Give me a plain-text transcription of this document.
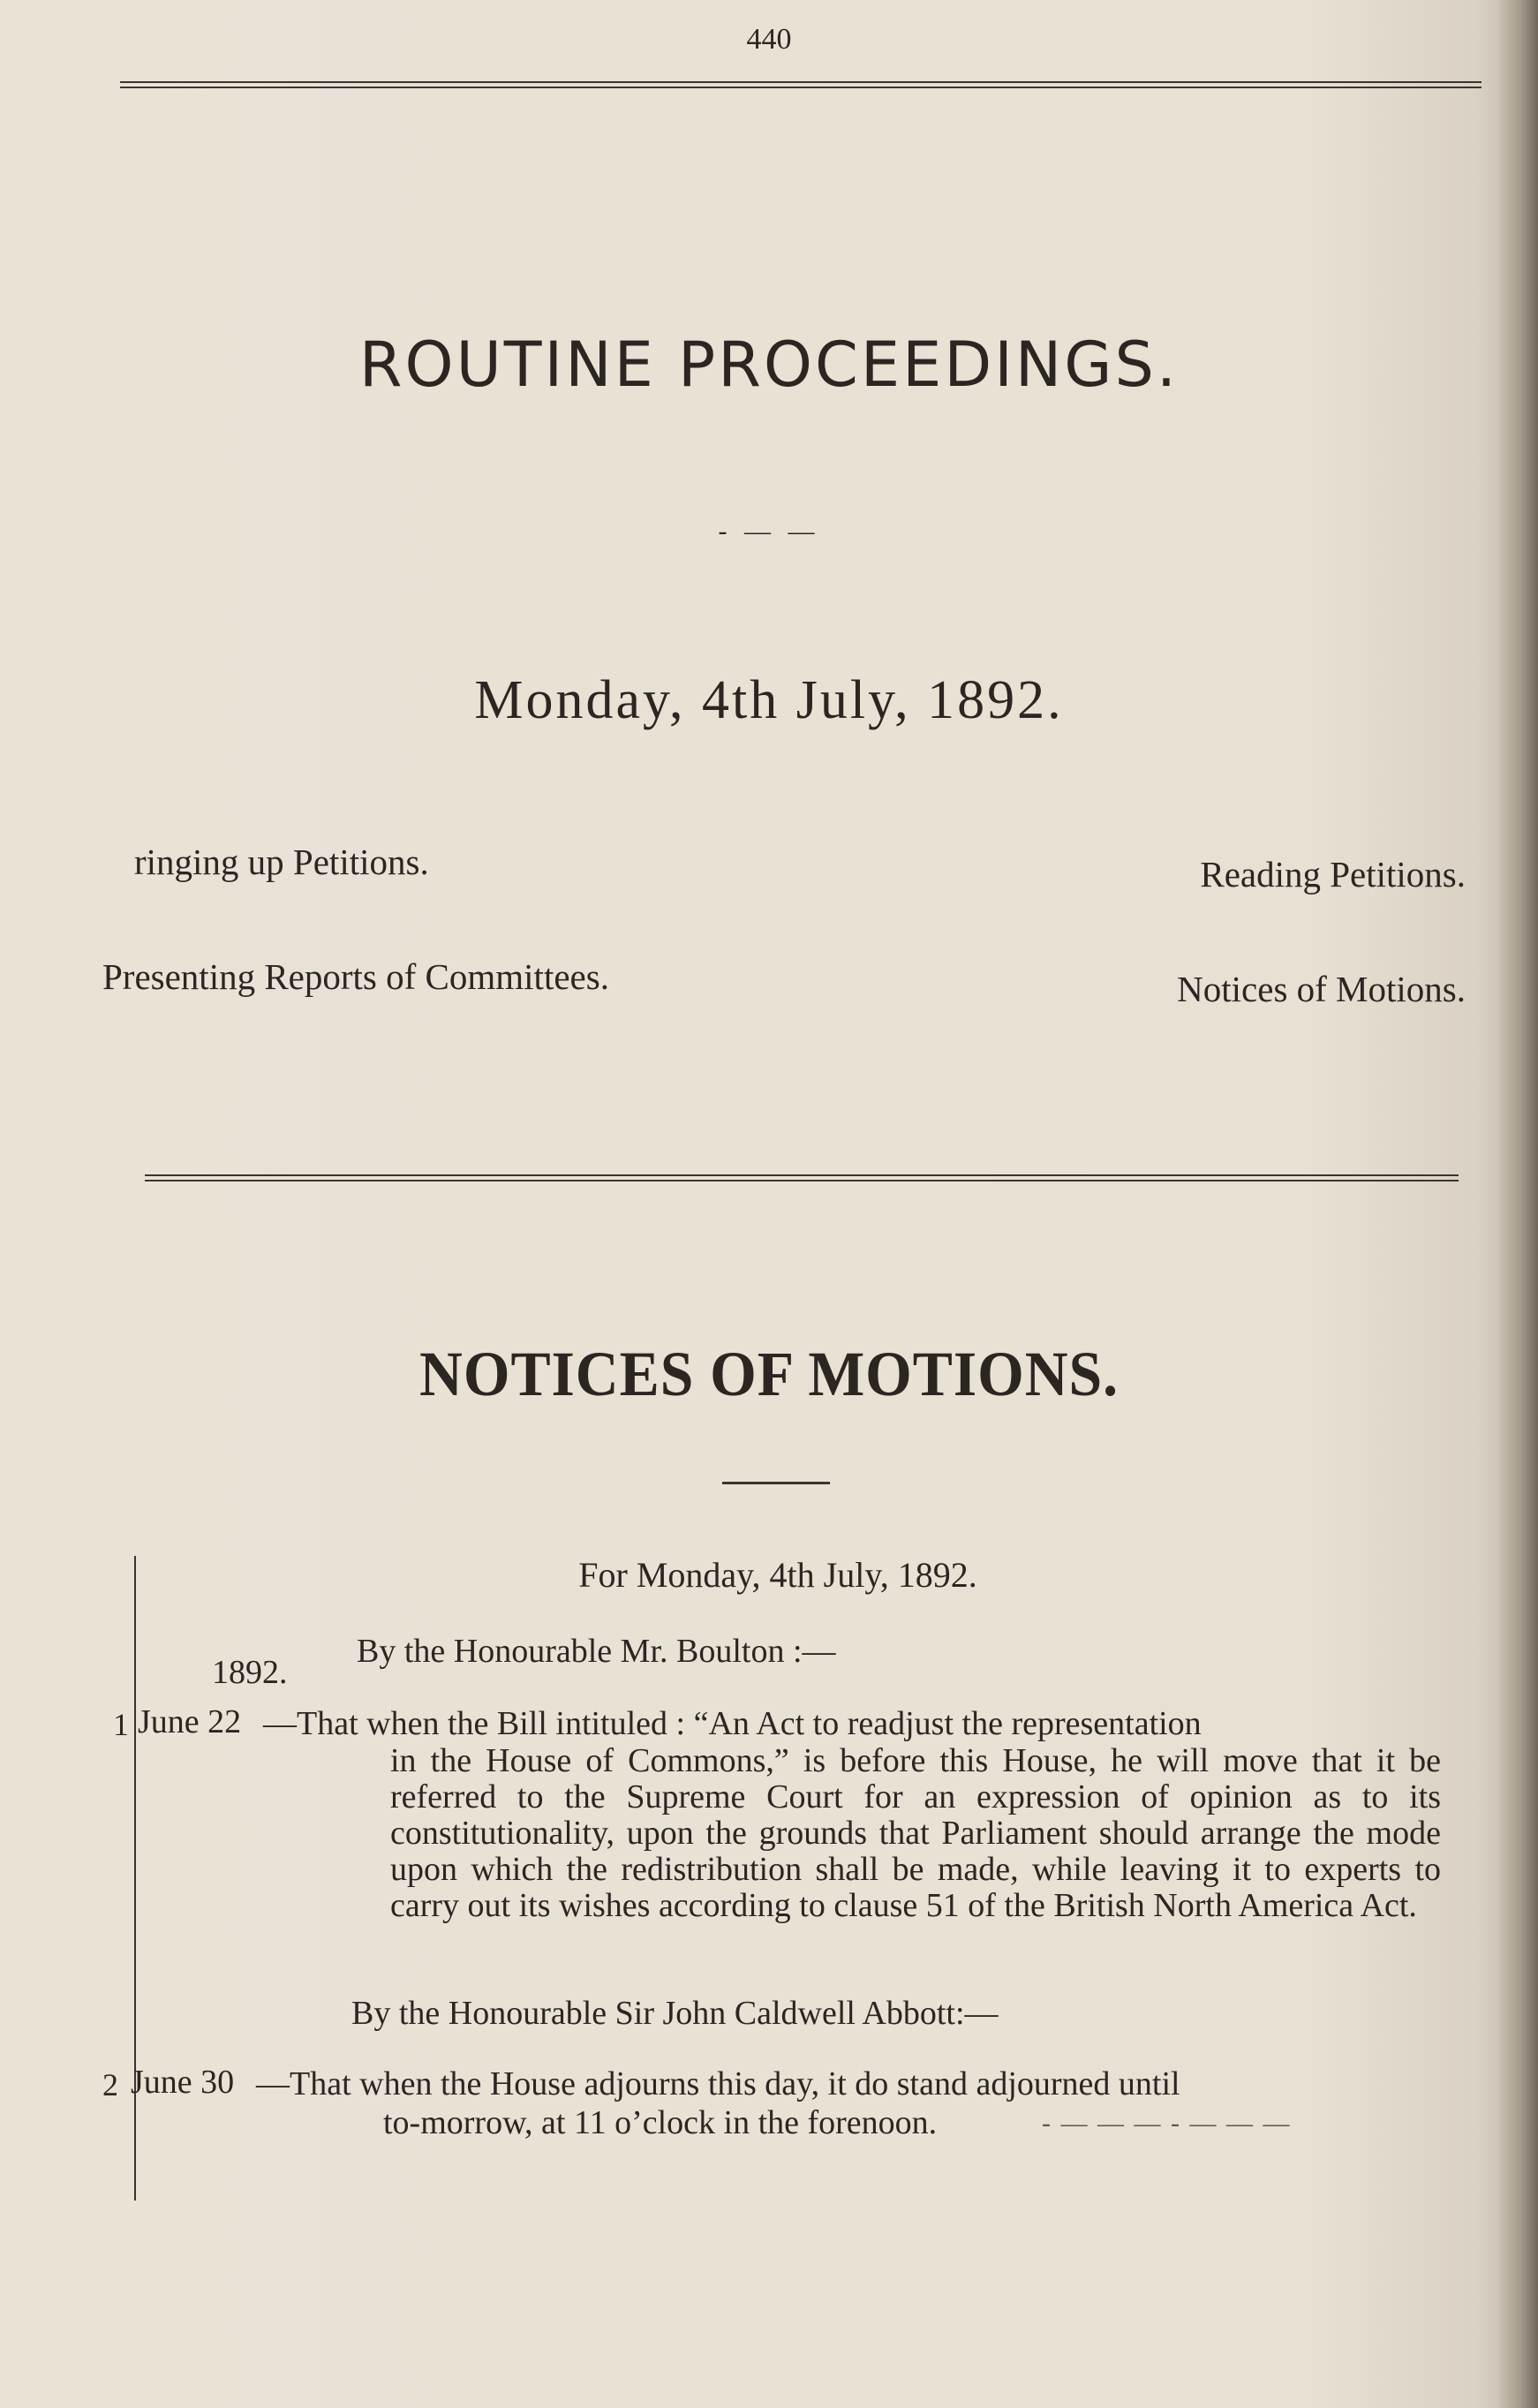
440
ROUTINE PROCEEDINGS.
- — —
Monday, 4th July, 1892.
ringing up Petitions.	Reading Petitions.
Presenting Reports of Committees.	Notices of Motions.
NOTICES OF MOTIONS.
For Monday, 4th July, 1892.
By the Honourable Mr. Boulton :—
1892.
1 June 22 —That when the Bill intituled : “An Act to readjust the representation
in the House of Commons,” is before this House, he will move that it be referred to the Supreme Court for an expression of opinion as to its constitutionality, upon the grounds that Parliament should arrange the mode upon which the redistribution shall be made, while leaving it to experts to carry out its wishes according to clause 51 of the British North America Act.
By the Honourable Sir John Caldwell Abbott:—
2 June 30 —That when the House adjourns this day, it do stand adjourned until
to-morrow, at 11 o’clock in the forenoon.	- — — — - — — —
